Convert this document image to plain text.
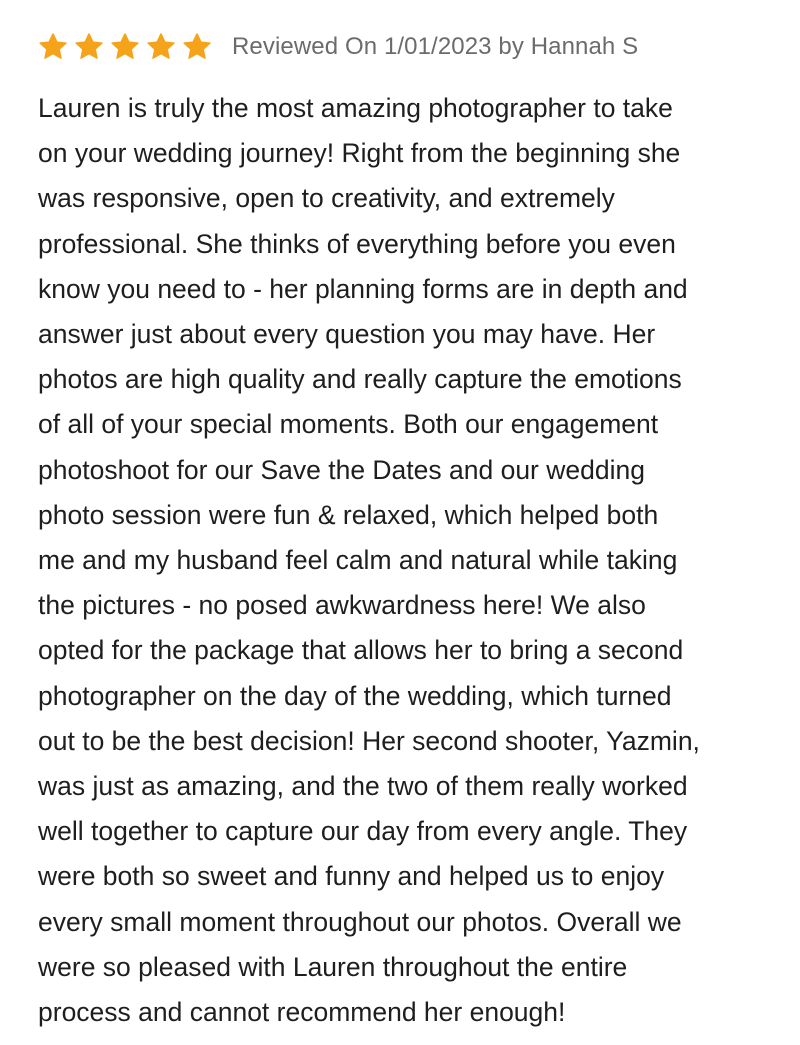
Reviewed On 1/01/2023 by Hannah S
Lauren is truly the most amazing photographer to take
on your wedding journey! Right from the beginning she
was responsive, open to creativity, and extremely
professional. She thinks of everything before you even
know you need to - her planning forms are in depth and
answer just about every question you may have. Her
photos are high quality and really capture the emotions
of all of your special moments. Both our engagement
photoshoot for our Save the Dates and our wedding
photo session were fun & relaxed, which helped both
me and my husband feel calm and natural while taking
the pictures - no posed awkwardness here! We also
opted for the package that allows her to bring a second
photographer on the day of the wedding, which turned
out to be the best decision! Her second shooter, Yazmin,
was just as amazing, and the two of them really worked
well together to capture our day from every angle. They
were both so sweet and funny and helped us to enjoy
every small moment throughout our photos. Overall we
were so pleased with Lauren throughout the entire
process and cannot recommend her enough!
